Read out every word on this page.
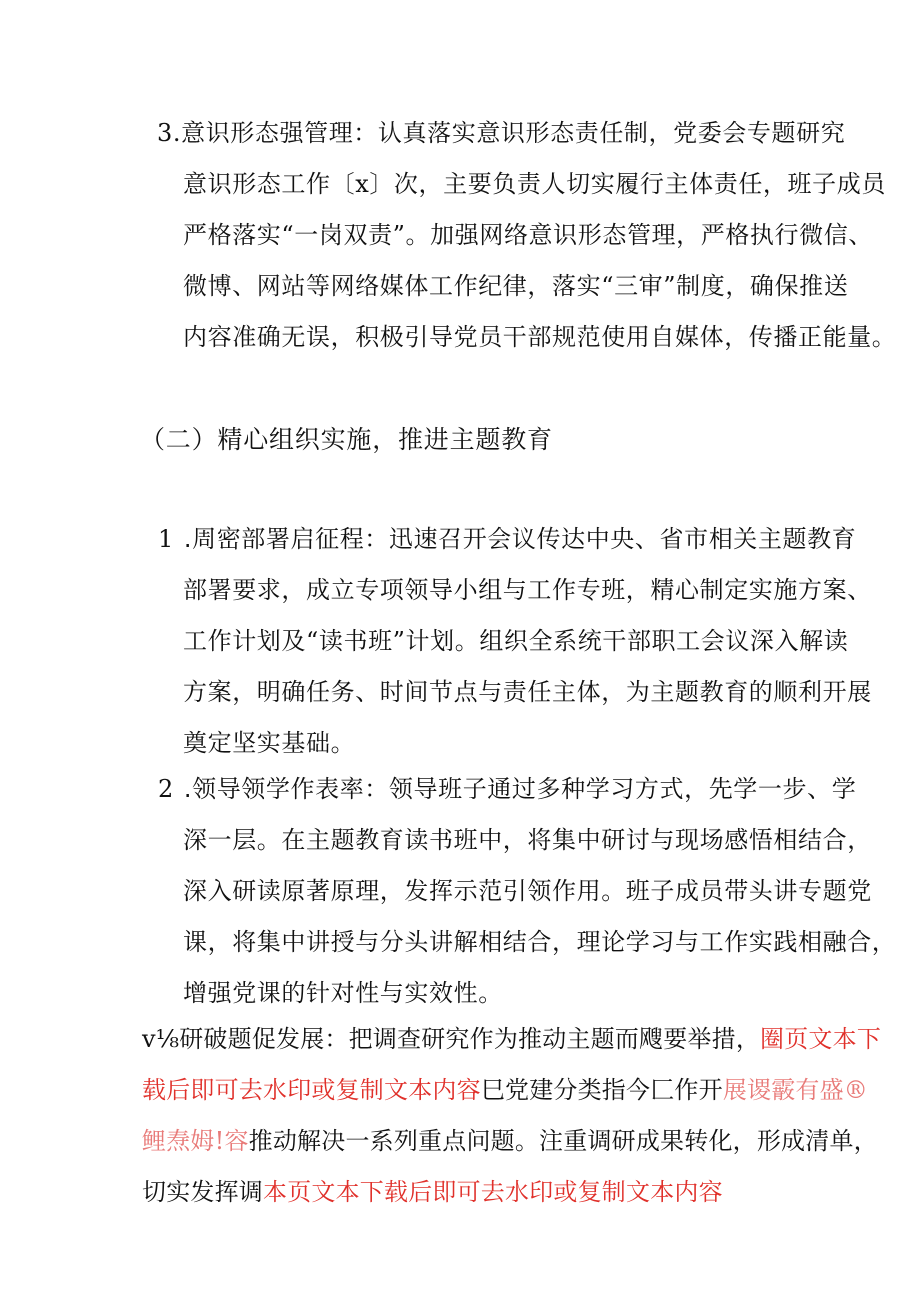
3.意识形态强管理：认真落实意识形态责任制，党委会专题研究
意识形态工作〔x〕次，主要负责人切实履行主体责任，班子成员
严格落实“一岗双责”。加强网络意识形态管理，严格执行微信、
微博、网站等网络媒体工作纪律，落实“三审”制度，确保推送
内容准确无误，积极引导党员干部规范使用自媒体，传播正能量。
（二）精心组织实施，推进主题教育
1 .周密部署启征程：迅速召开会议传达中央、省市相关主题教育
部署要求，成立专项领导小组与工作专班，精心制定实施方案、
工作计划及“读书班”计划。组织全系统干部职工会议深入解读
方案，明确任务、时间节点与责任主体，为主题教育的顺利开展
奠定坚实基础。
2 .领导领学作表率：领导班子通过多种学习方式，先学一步、学
深一层。在主题教育读书班中，将集中研讨与现场感悟相结合，
深入研读原著原理，发挥示范引领作用。班子成员带头讲专题党
课，将集中讲授与分头讲解相结合，理论学习与工作实践相融合，
增强党课的针对性与实效性。
v⅛研破题促发展：把调查研究作为推动主题而飕要举措，圈页文本下
载后即可去水印或复制文本内容巳党建分类指今匚作开展谡霰有盛®
鲤焘姆!容推动解决一系列重点问题。注重调研成果转化，形成清单，
切实发挥调本页文本下载后即可去水印或复制文本内容
